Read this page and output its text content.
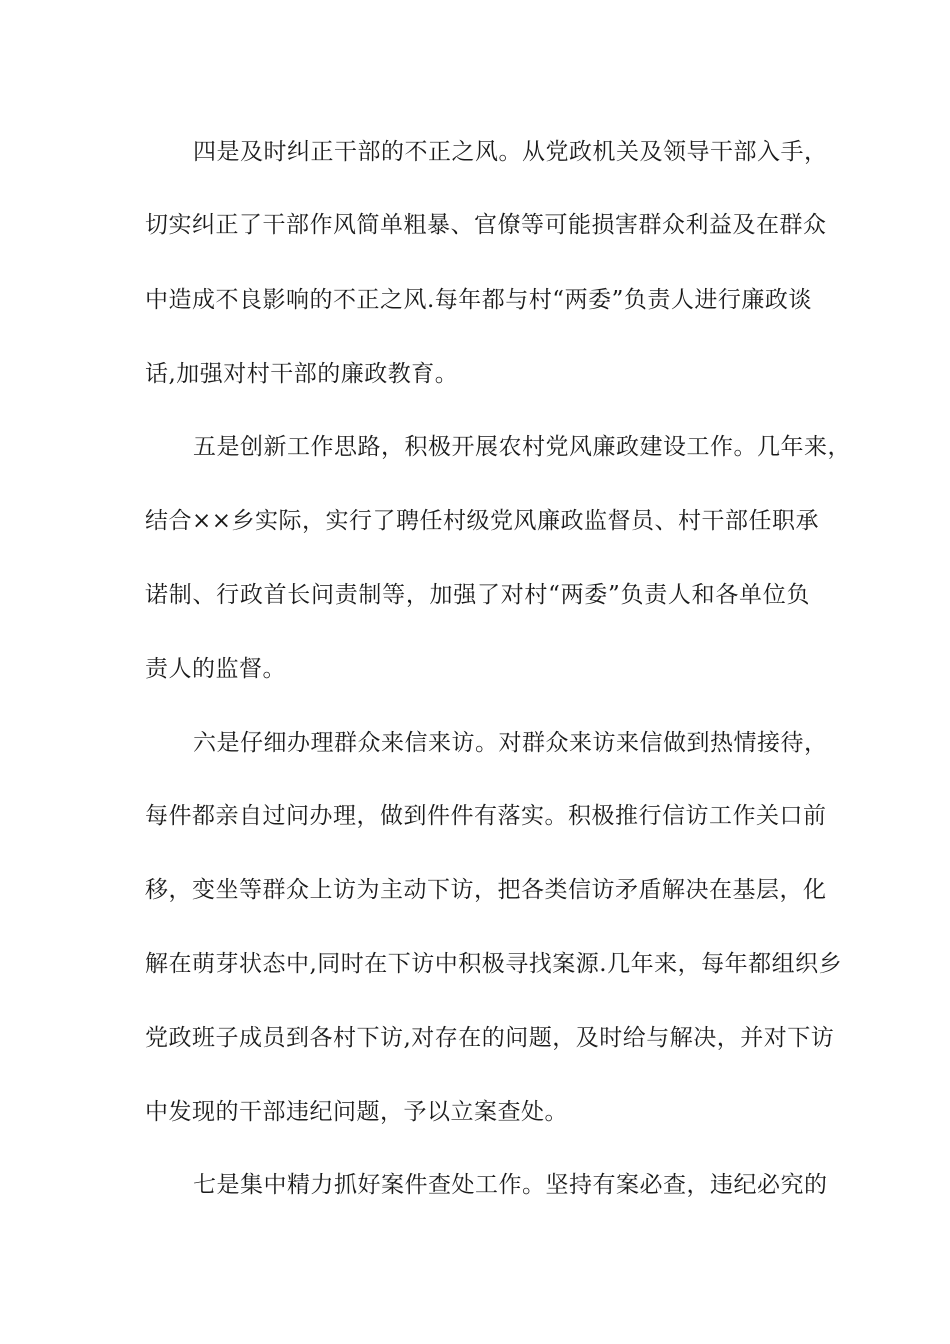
四是及时纠正干部的不正之风。从党政机关及领导干部入手，
切实纠正了干部作风简单粗暴、官僚等可能损害群众利益及在群众
中造成不良影响的不正之风.每年都与村“两委”负责人进行廉政谈
话,加强对村干部的廉政教育。
五是创新工作思路，积极开展农村党风廉政建设工作。几年来，
结合××乡实际，实行了聘任村级党风廉政监督员、村干部任职承
诺制、行政首长问责制等，加强了对村“两委”负责人和各单位负
责人的监督。
六是仔细办理群众来信来访。对群众来访来信做到热情接待，
每件都亲自过问办理，做到件件有落实。积极推行信访工作关口前
移，变坐等群众上访为主动下访，把各类信访矛盾解决在基层，化
解在萌芽状态中,同时在下访中积极寻找案源.几年来，每年都组织乡
党政班子成员到各村下访,对存在的问题，及时给与解决，并对下访
中发现的干部违纪问题，予以立案查处。
七是集中精力抓好案件查处工作。坚持有案必查，违纪必究的
